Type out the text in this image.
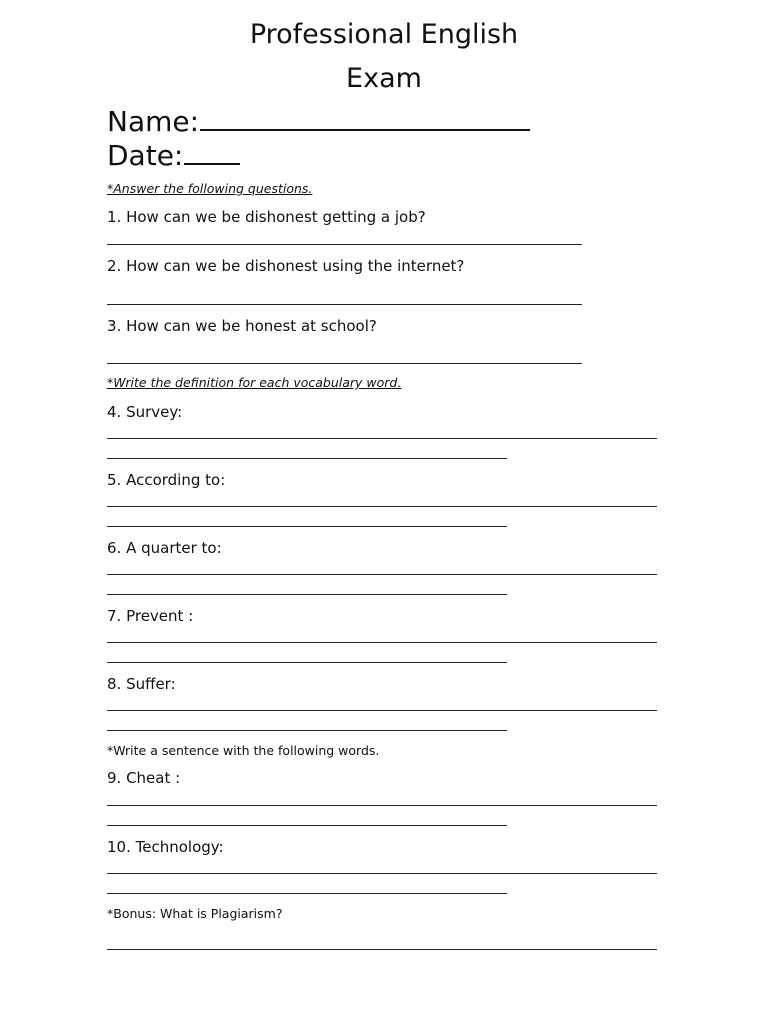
Professional English
Exam
Name:
Date:
*Answer the following questions.
1. How can we be dishonest getting a job?
2. How can we be dishonest using the internet?
3. How can we be honest at school?
*Write the definition for each vocabulary word.
4. Survey:
5. According to:
6. A quarter to:
7. Prevent :
8. Suffer:
*Write a sentence with the following words.
9. Cheat :
10. Technology:
*Bonus: What is Plagiarism?
